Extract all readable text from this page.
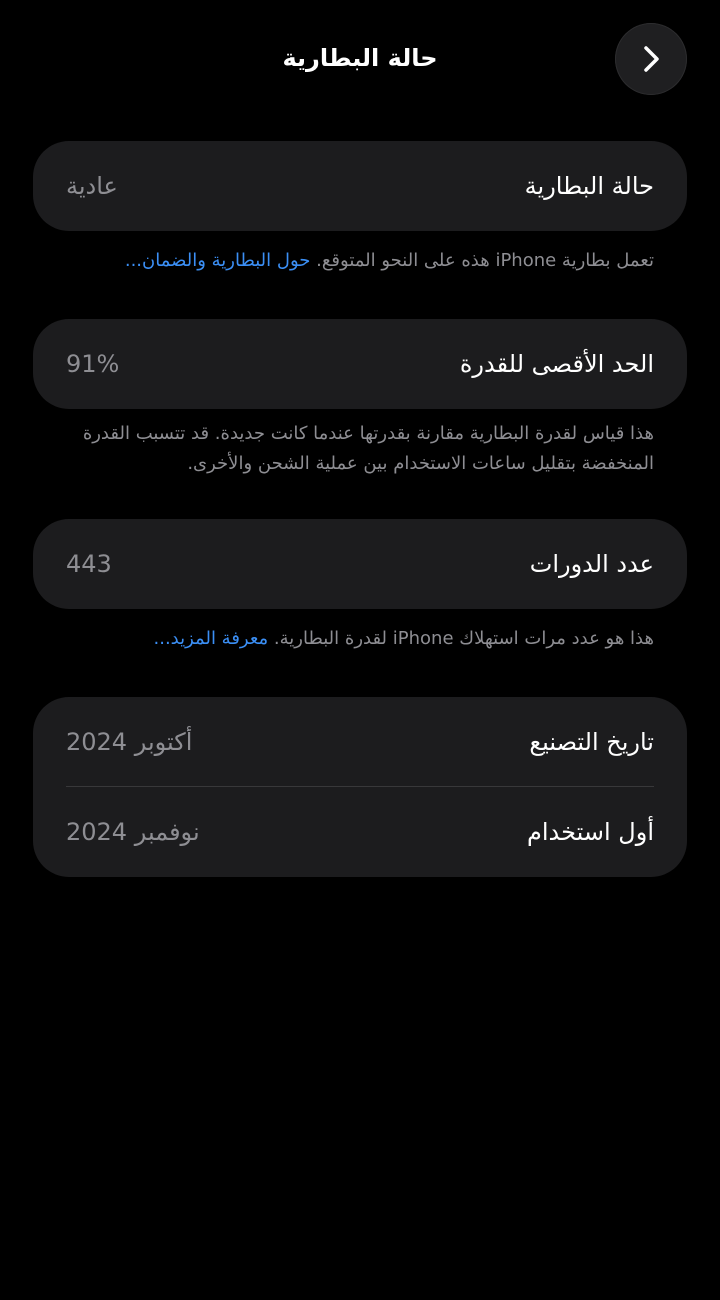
حالة البطارية
حالة البطارية
عادية
تعمل بطارية iPhone هذه على النحو المتوقع. حول البطارية والضمان...
الحد الأقصى للقدرة
91%
هذا قياس لقدرة البطارية مقارنة بقدرتها عندما كانت جديدة. قد تتسبب القدرة المنخفضة بتقليل ساعات الاستخدام بين عملية الشحن والأخرى.
عدد الدورات
443
هذا هو عدد مرات استهلاك iPhone لقدرة البطارية. معرفة المزيد...
تاريخ التصنيع
أكتوبر 2024
أول استخدام
نوفمبر 2024
